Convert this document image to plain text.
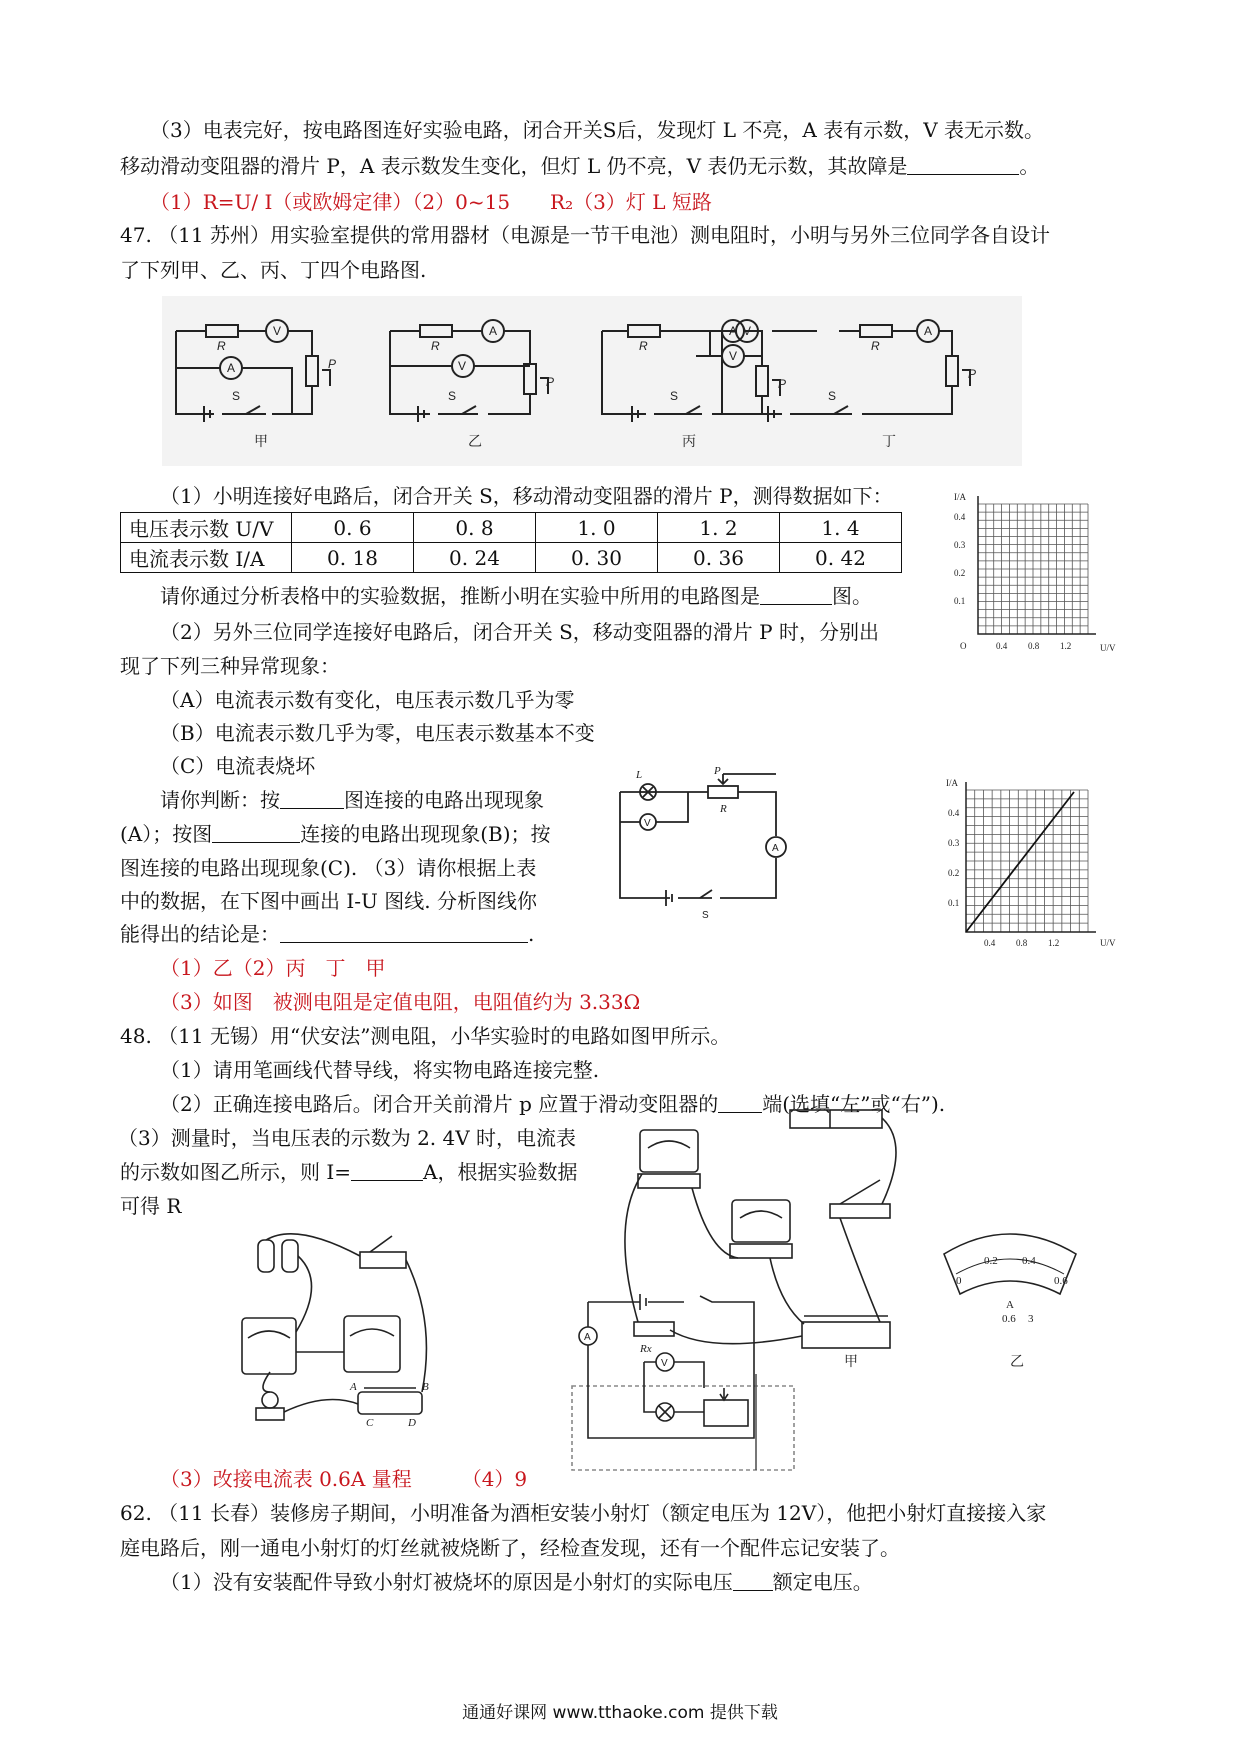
（3）电表完好，按电路图连好实验电路，闭合开关S后，发现灯 L 不亮，A 表有示数，V 表无示数。
移动滑动变阻器的滑片 P，A 表示数发生变化，但灯 L 仍不亮，V 表仍无示数，其故障是	。
（1）R=U/ I（或欧姆定律）（2）0~15　　R₂（3）灯 L 短路
47. （11 苏州）用实验室提供的常用器材（电源是一节干电池）测电阻时，小明与另外三位同学各自设计
了下列甲、乙、丙、丁四个电路图.
V
A
A
V
A
V
V	A
R	R	R	R
P
P	P
P
S	S	S	S
甲	乙	丙	丁
（1）小明连接好电路后，闭合开关 S，移动滑动变阻器的滑片 P，测得数据如下：
电压表示数 U/V	0. 6	0. 8	1. 0	1. 2	1. 4
电流表示数 I/A	0. 18	0. 24	0. 30	0. 36	0. 42
请你通过分析表格中的实验数据，推断小明在实验中所用的电路图是	图。
（2）另外三位同学连接好电路后，闭合开关 S，移动变阻器的滑片 P 时，分别出
现了下列三种异常现象：
（A）电流表示数有变化，电压表示数几乎为零
（B）电流表示数几乎为零，电压表示数基本不变
（C）电流表烧坏
请你判断：按	图连接的电路出现现象
(A）；按图	连接的电路出现现象(B)；按
图连接的电路出现现象(C). （3）请你根据上表
中的数据，在下图中画出 I-U 图线. 分析图线你
能得出的结论是：	.
（1）乙（2）丙　丁　甲
（3）如图　被测电阻是定值电阻，电阻值约为 3.33Ω
I/A
U/V
O	0.4 0.8 1.2
0.4
0.3
0.2
0.1
L	P
R
V
A
S
I/A
U/V
0.4 0.8 1.2
0.4
0.3
0.2
0.1
48. （11 无锡）用“伏安法”测电阻，小华实验时的电路如图甲所示。
（1）请用笔画线代替导线，将实物电路连接完整.
（2）正确连接电路后。闭合开关前滑片 p 应置于滑动变阻器的 端(选填“左”或“右”).
（3）测量时，当电压表的示数为 2. 4V 时，电流表
的示数如图乙所示，则 I=	A，根据实验数据
可得 R
0
0.2 0.4
0.6
A
0.6 3
Rx
甲	乙
A
V
A	B
C	D
（3）改接电流表 0.6A 量程　　　（4）9
62. （11 长春）装修房子期间，小明准备为酒柜安装小射灯（额定电压为 12V），他把小射灯直接接入家
庭电路后，刚一通电小射灯的灯丝就被烧断了，经检查发现，还有一个配件忘记安装了。
（1）没有安装配件导致小射灯被烧坏的原因是小射灯的实际电压 额定电压。
通通好课网 www.tthaoke.com 提供下载
